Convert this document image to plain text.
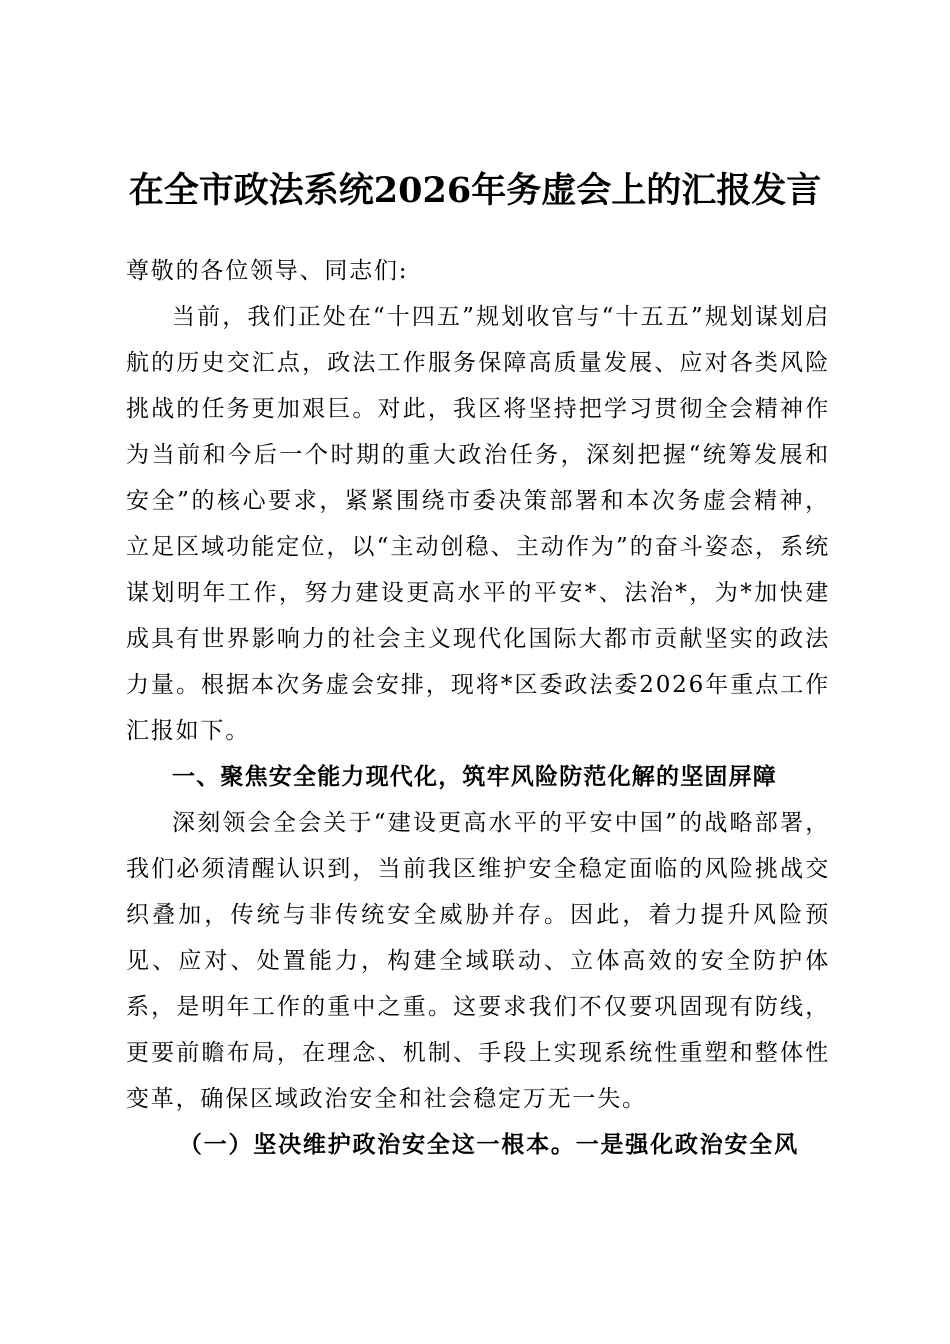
在全市政法系统2026年务虚会上的汇报发言

尊敬的各位领导、同志们:

当前，我们正处在“十四五”规划收官与“十五五”规划谋划启航的历史交汇点，政法工作服务保障高质量发展、应对各类风险挑战的任务更加艰巨。对此，我区将坚持把学习贯彻全会精神作为当前和今后一个时期的重大政治任务，深刻把握“统筹发展和安全”的核心要求，紧紧围绕市委决策部署和本次务虚会精神，立足区域功能定位，以“主动创稳、主动作为”的奋斗姿态，系统谋划明年工作，努力建设更高水平的平安*、法治*，为*加快建成具有世界影响力的社会主义现代化国际大都市贡献坚实的政法力量。根据本次务虚会安排，现将*区委政法委2026年重点工作汇报如下。

一、聚焦安全能力现代化，筑牢风险防范化解的坚固屏障

深刻领会全会关于“建设更高水平的平安中国”的战略部署，我们必须清醒认识到，当前我区维护安全稳定面临的风险挑战交织叠加，传统与非传统安全威胁并存。因此，着力提升风险预见、应对、处置能力，构建全域联动、立体高效的安全防护体系，是明年工作的重中之重。这要求我们不仅要巩固现有防线，更要前瞻布局，在理念、机制、手段上实现系统性重塑和整体性变革，确保区域政治安全和社会稳定万无一失。

（一）坚决维护政治安全这一根本。一是强化政治安全风
